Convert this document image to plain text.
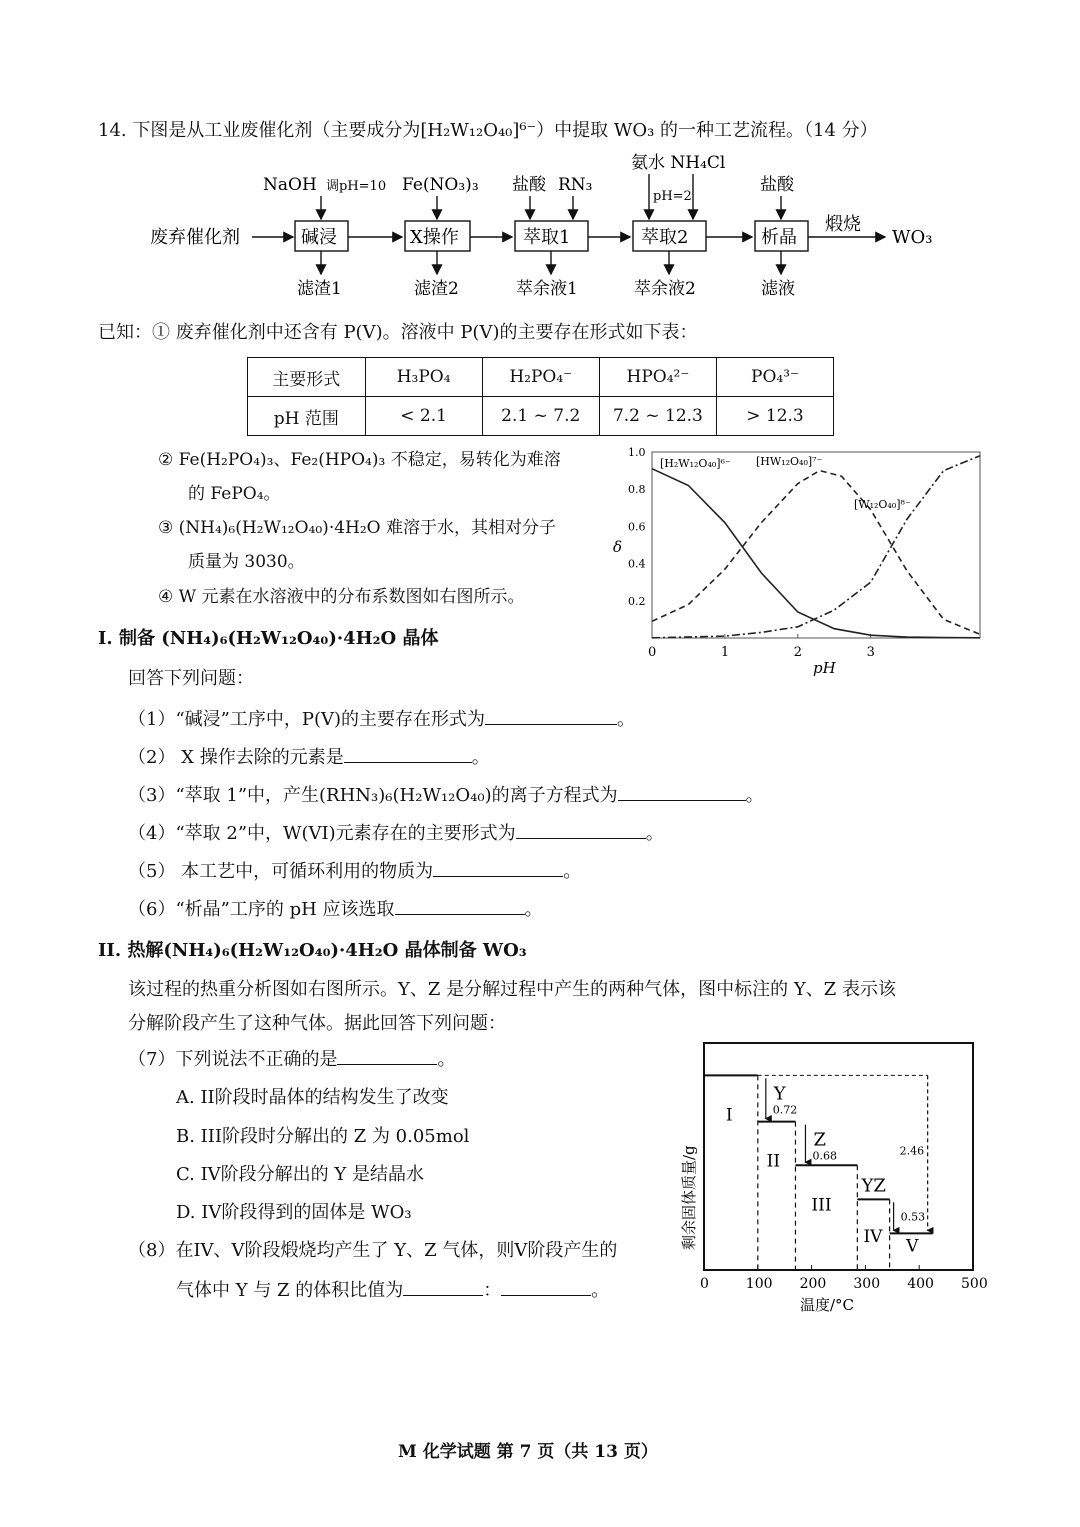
14. 下图是从工业废催化剂（主要成分为[H₂W₁₂O₄₀]⁶⁻）中提取 WO₃ 的一种工艺流程。（14 分）
废弃催化剂	碱浸	X操作	萃取1	萃取2	析晶
煅烧
WO₃
NaOH 调pH=10 Fe(NO₃)₃ 盐酸 RN₃
氨水 NH₄Cl
pH=2
盐酸
滤渣1	滤渣2	萃余液1	萃余液2	滤液
已知：① 废弃催化剂中还含有 P(V)。溶液中 P(V)的主要存在形式如下表：
主要形式	H₃PO₄	H₂PO₄⁻	HPO₄²⁻	PO₄³⁻
pH 范围	< 2.1	2.1 ~ 7.2	7.2 ~ 12.3	> 12.3
② Fe(H₂PO₄)₃、Fe₂(HPO₄)₃ 不稳定，易转化为难溶
的 FePO₄。
③ (NH₄)₆(H₂W₁₂O₄₀)·4H₂O 难溶于水，其相对分子
质量为 3030。
④ W 元素在水溶液中的分布系数图如右图所示。	0.2
0.4
0.6
0.8
1.0
0	1	2	3
[H₂W₁₂O₄₀]⁶⁻ [HW₁₂O₄₀]⁷⁻
[W₁₂O₄₀]⁸⁻
δ
pH
I. 制备 (NH₄)₆(H₂W₁₂O₄₀)·4H₂O 晶体
回答下列问题：
（1）“碱浸”工序中，P(V)的主要存在形式为	。
（2） X 操作去除的元素是	。
（3）“萃取 1”中，产生(RHN₃)₆(H₂W₁₂O₄₀)的离子方程式为	。
（4）“萃取 2”中，W(VI)元素存在的主要形式为	。
（5） 本工艺中，可循环利用的物质为	。
（6）“析晶”工序的 pH 应该选取	。
II. 热解(NH₄)₆(H₂W₁₂O₄₀)·4H₂O 晶体制备 WO₃
该过程的热重分析图如右图所示。Y、Z 是分解过程中产生的两种气体，图中标注的 Y、Z 表示该
分解阶段产生了这种气体。据此回答下列问题：
（7）下列说法不正确的是	。
A. II阶段时晶体的结构发生了改变
B. III阶段时分解出的 Z 为 0.05mol
C. IV阶段分解出的 Y 是结晶水
D. IV阶段得到的固体是 WO₃
（8）在IV、V阶段煅烧均产生了 Y、Z 气体，则V阶段产生的
气体中 Y 与 Z 的体积比值为	：	。	0	100 200 300 400 500
I
II
III
IV V
Y
0.72
Z
0.68
0.53
YZ
2.46
剩余固体质量/g
温度/°C
M 化学试题 第 7 页（共 13 页）
